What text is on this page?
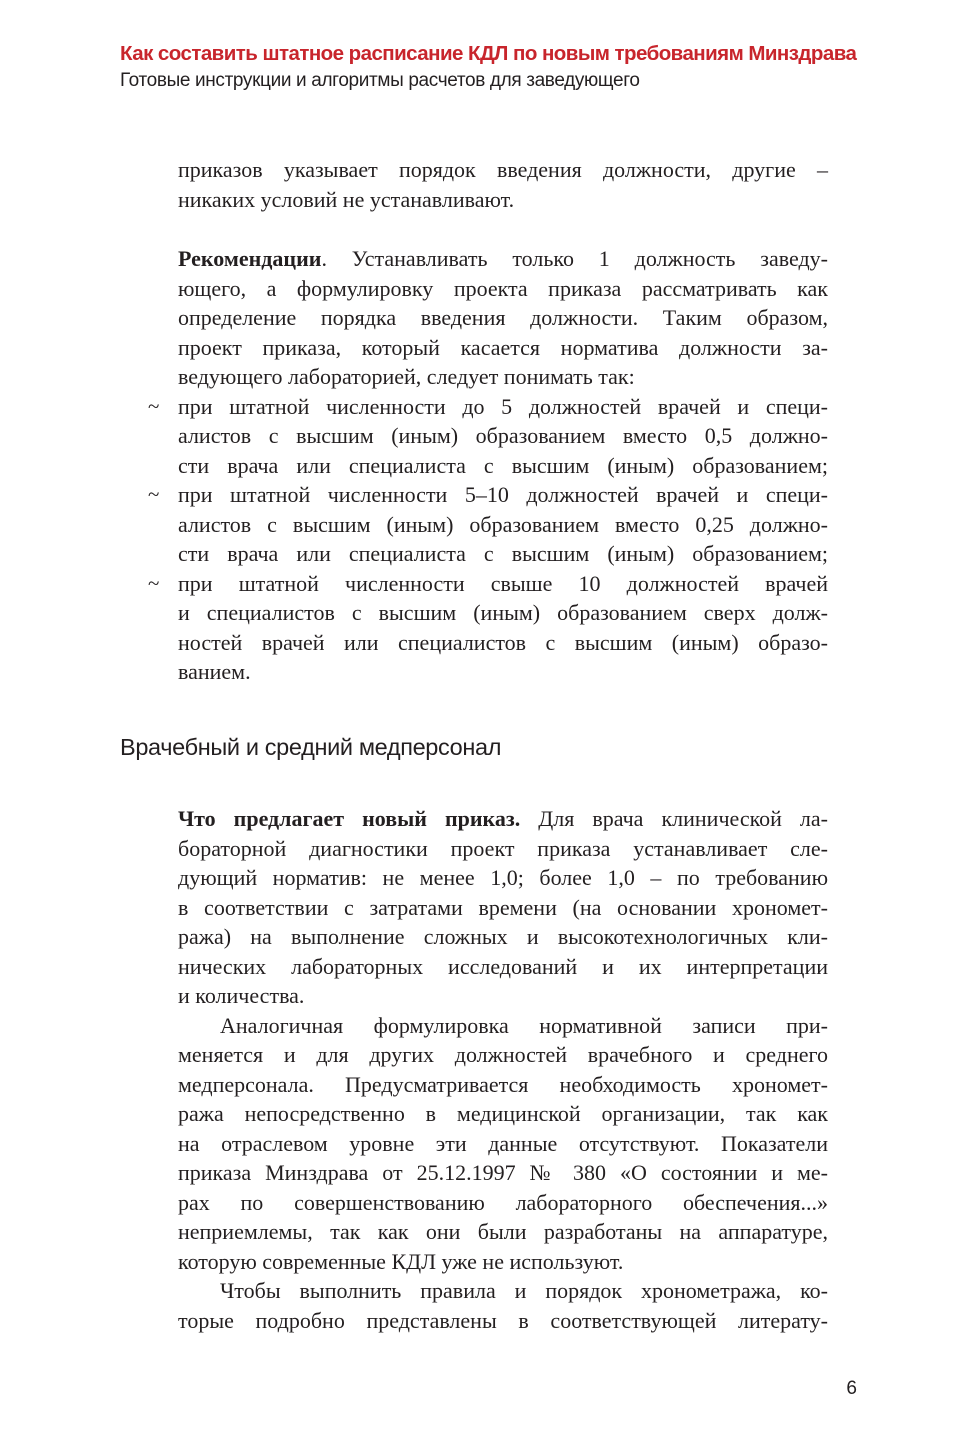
Как составить штатное расписание КДЛ по новым требованиям Минздрава
Готовые инструкции и алгоритмы расчетов для заведующего
приказов указывает порядок введения должности, другие –
никаких условий не устанавливают.
Рекомендации. Устанавливать только 1 должность заведу-
ющего, а формулировку проекта приказа рассматривать как
определение порядка введения должности. Таким образом,
проект приказа, который касается норматива должности за-
ведующего лабораторией, следует понимать так:
~ при штатной численности до 5 должностей врачей и специ-
алистов с высшим (иным) образованием вместо 0,5 должно-
сти врача или специалиста с высшим (иным) образованием;
~ при штатной численности 5–10 должностей врачей и специ-
алистов с высшим (иным) образованием вместо 0,25 должно-
сти врача или специалиста с высшим (иным) образованием;
~ при штатной численности свыше 10 должностей врачей
и специалистов с высшим (иным) образованием сверх долж-
ностей врачей или специалистов с высшим (иным) образо-
ванием.
Врачебный и средний медперсонал
Что предлагает новый приказ. Для врача клинической ла-
бораторной диагностики проект приказа устанавливает сле-
дующий норматив: не менее 1,0; более 1,0 – по требованию
в соответствии с затратами времени (на основании хрономет-
ража) на выполнение сложных и высокотехнологичных кли-
нических лабораторных исследований и их интерпретации
и количества.
Аналогичная формулировка нормативной записи при-
меняется и для других должностей врачебного и среднего
медперсонала. Предусматривается необходимость хрономет-
ража непосредственно в медицинской организации, так как
на отраслевом уровне эти данные отсутствуют. Показатели
приказа Минздрава от 25.12.1997 № 380 «О состоянии и ме-
рах по совершенствованию лабораторного обеспечения...»
неприемлемы, так как они были разработаны на аппаратуре,
которую современные КДЛ уже не используют.
Чтобы выполнить правила и порядок хронометража, ко-
торые подробно представлены в соответствующей литерату-
6
